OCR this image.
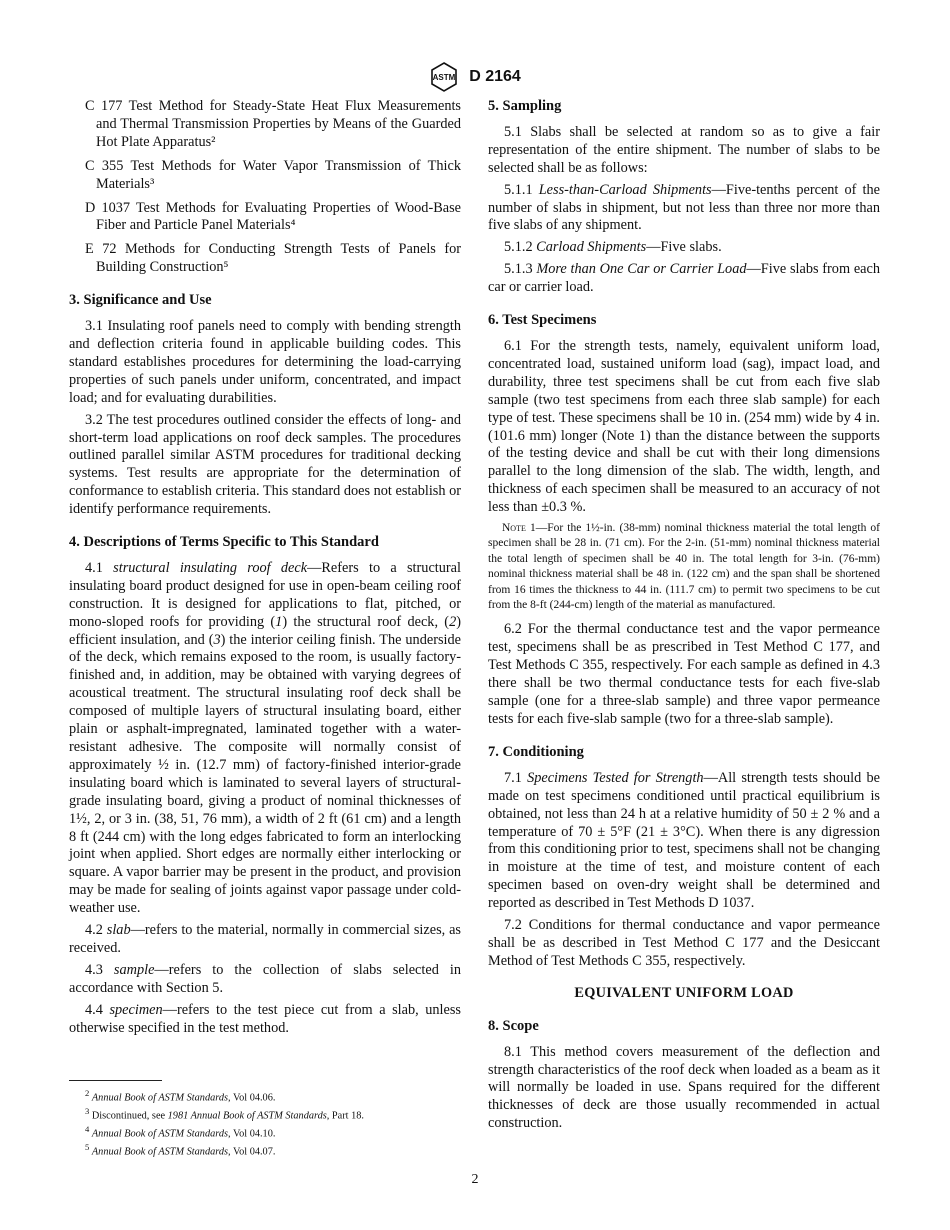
ASTM D 2164

C 177 Test Method for Steady-State Heat Flux Measurements and Thermal Transmission Properties by Means of the Guarded Hot Plate Apparatus²

C 355 Test Methods for Water Vapor Transmission of Thick Materials³

D 1037 Test Methods for Evaluating Properties of Wood-Base Fiber and Particle Panel Materials⁴

E 72 Methods for Conducting Strength Tests of Panels for Building Construction⁵

3. Significance and Use

3.1 Insulating roof panels need to comply with bending strength and deflection criteria found in applicable building codes. This standard establishes procedures for determining the load-carrying properties of such panels under uniform, concentrated, and impact load; and for evaluating durabilities.

3.2 The test procedures outlined consider the effects of long- and short-term load applications on roof deck samples. The procedures outlined parallel similar ASTM procedures for traditional decking systems. Test results are appropriate for the determination of conformance to establish criteria. This standard does not establish or identify performance requirements.

4. Descriptions of Terms Specific to This Standard

4.1 structural insulating roof deck—Refers to a structural insulating board product designed for use in open-beam ceiling roof construction. It is designed for applications to flat, pitched, or mono-sloped roofs for providing (1) the structural roof deck, (2) efficient insulation, and (3) the interior ceiling finish. The underside of the deck, which remains exposed to the room, is usually factory-finished and, in addition, may be obtained with varying degrees of acoustical treatment. The structural insulating roof deck shall be composed of multiple layers of structural insulating board, either plain or asphalt-impregnated, laminated together with a water-resistant adhesive. The composite will normally consist of approximately ½ in. (12.7 mm) of factory-finished interior-grade insulating board which is laminated to several layers of structural-grade insulating board, giving a product of nominal thicknesses of 1½, 2, or 3 in. (38, 51, 76 mm), a width of 2 ft (61 cm) and a length 8 ft (244 cm) with the long edges fabricated to form an interlocking joint when applied. Short edges are normally either interlocking or square. A vapor barrier may be present in the product, and provision may be made for sealing of joints against vapor passage under cold-weather use.

4.2 slab—refers to the material, normally in commercial sizes, as received.

4.3 sample—refers to the collection of slabs selected in accordance with Section 5.

4.4 specimen—refers to the test piece cut from a slab, unless otherwise specified in the test method.

5. Sampling

5.1 Slabs shall be selected at random so as to give a fair representation of the entire shipment. The number of slabs to be selected shall be as follows:

5.1.1 Less-than-Carload Shipments—Five-tenths percent of the number of slabs in shipment, but not less than three nor more than five slabs of any shipment.

5.1.2 Carload Shipments—Five slabs.

5.1.3 More than One Car or Carrier Load—Five slabs from each car or carrier load.

6. Test Specimens

6.1 For the strength tests, namely, equivalent uniform load, concentrated load, sustained uniform load (sag), impact load, and durability, three test specimens shall be cut from each five slab sample (two test specimens from each three slab sample) for each type of test. These specimens shall be 10 in. (254 mm) wide by 4 in. (101.6 mm) longer (Note 1) than the distance between the supports of the testing device and shall be cut with their long dimensions parallel to the long dimension of the slab. The width, length, and thickness of each specimen shall be measured to an accuracy of not less than ±0.3 %.

Note 1—For the 1½-in. (38-mm) nominal thickness material the total length of specimen shall be 28 in. (71 cm). For the 2-in. (51-mm) nominal thickness material the total length of specimen shall be 40 in. The total length for 3-in. (76-mm) nominal thickness material shall be 48 in. (122 cm) and the span shall be shortened from 16 times the thickness to 44 in. (111.7 cm) to permit two specimens to be cut from the 8-ft (244-cm) length of the material as manufactured.

6.2 For the thermal conductance test and the vapor permeance test, specimens shall be as prescribed in Test Method C 177, and Test Methods C 355, respectively. For each sample as defined in 4.3 there shall be two thermal conductance tests for each five-slab sample (one for a three-slab sample) and three vapor permeance tests for each five-slab sample (two for a three-slab sample).

7. Conditioning

7.1 Specimens Tested for Strength—All strength tests should be made on test specimens conditioned until practical equilibrium is obtained, not less than 24 h at a relative humidity of 50 ± 2 % and a temperature of 70 ± 5°F (21 ± 3°C). When there is any digression from this conditioning prior to test, specimens shall not be changing in moisture at the time of test, and moisture content of each specimen based on oven-dry weight shall be determined and reported as described in Test Methods D 1037.

7.2 Conditions for thermal conductance and vapor permeance shall be as described in Test Method C 177 and the Desiccant Method of Test Methods C 355, respectively.

EQUIVALENT UNIFORM LOAD
8. Scope

8.1 This method covers measurement of the deflection and strength characteristics of the roof deck when loaded as a beam as it will normally be loaded in use. Spans required for the different thicknesses of deck are those usually recommended in actual construction.

$^2$ Annual Book of ASTM Standards, Vol 04.06.

$^3$ Discontinued, see 1981 Annual Book of ASTM Standards, Part 18.

$^4$ Annual Book of ASTM Standards, Vol 04.10.

$^5$ Annual Book of ASTM Standards, Vol 04.07.

2
